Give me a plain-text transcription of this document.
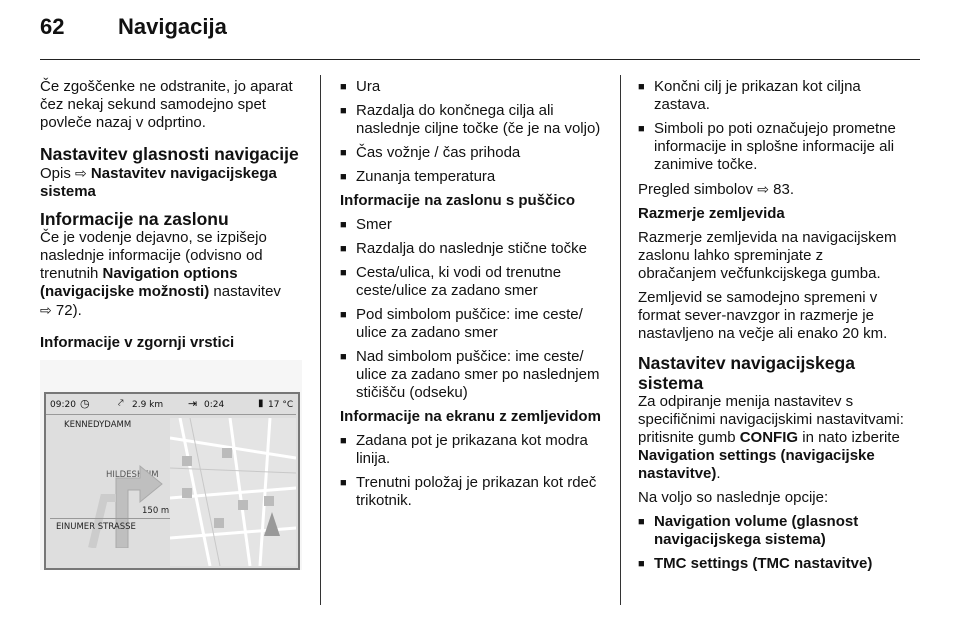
62 Navigacija

Če zgoščenke ne odstranite, jo aparat čez nekaj sekund samodejno spet povleče nazaj v odprtino.

Nastavitev glasnosti navigacije

Opis ⇨ Nastavitev navigacijskega sistema

Informacije na zaslonu

Če je vodenje dejavno, se izpišejo naslednje informacije (odvisno od trenutnih Navigation options (navigacijske možnosti) nastavitev
⇨ 72).

Informacije v zgornji vrstici

09:20 ◷	⤤ 2.9 km ⇥ 0:24	▮ 17 °C
HILDESHEIM
KENNEDYDAMM
150 m
EINUMER STRASSE
■ Ura
■ Razdalja do končnega cilja ali naslednje ciljne točke (če je na voljo)
■ Čas vožnje / čas prihoda
■ Zunanja temperatura

Informacije na zaslonu s puščico

■ Smer
■ Razdalja do naslednje stične točke
■ Cesta/ulica, ki vodi od trenutne ceste/ulice za zadano smer
■ Pod simbolom puščice: ime ceste/ ulice za zadano smer
■ Nad simbolom puščice: ime ceste/ ulice za zadano smer po naslednjem stičišču (odseku)

Informacije na ekranu z zemljevidom

■ Zadana pot je prikazana kot modra linija.
■ Trenutni položaj je prikazan kot rdeč trikotnik.
■ Končni cilj je prikazan kot ciljna zastava.
■ Simboli po poti označujejo prometne informacije in splošne informacije ali zanimive točke.

Pregled simbolov ⇨ 83.

Razmerje zemljevida

Razmerje zemljevida na navigacijskem zaslonu lahko spreminjate z obračanjem večfunkcijskega gumba.

Zemljevid se samodejno spremeni v format sever-navzgor in razmerje je nastavljeno na večje ali enako 20 km.

Nastavitev navigacijskega sistema

Za odpiranje menija nastavitev s specifičnimi navigacijskimi nastavitvami: pritisnite gumb CONFIG in nato izberite Navigation settings (navigacijske nastavitve).

Na voljo so naslednje opcije:

■ Navigation volume (glasnost navigacijskega sistema)
■ TMC settings (TMC nastavitve)
